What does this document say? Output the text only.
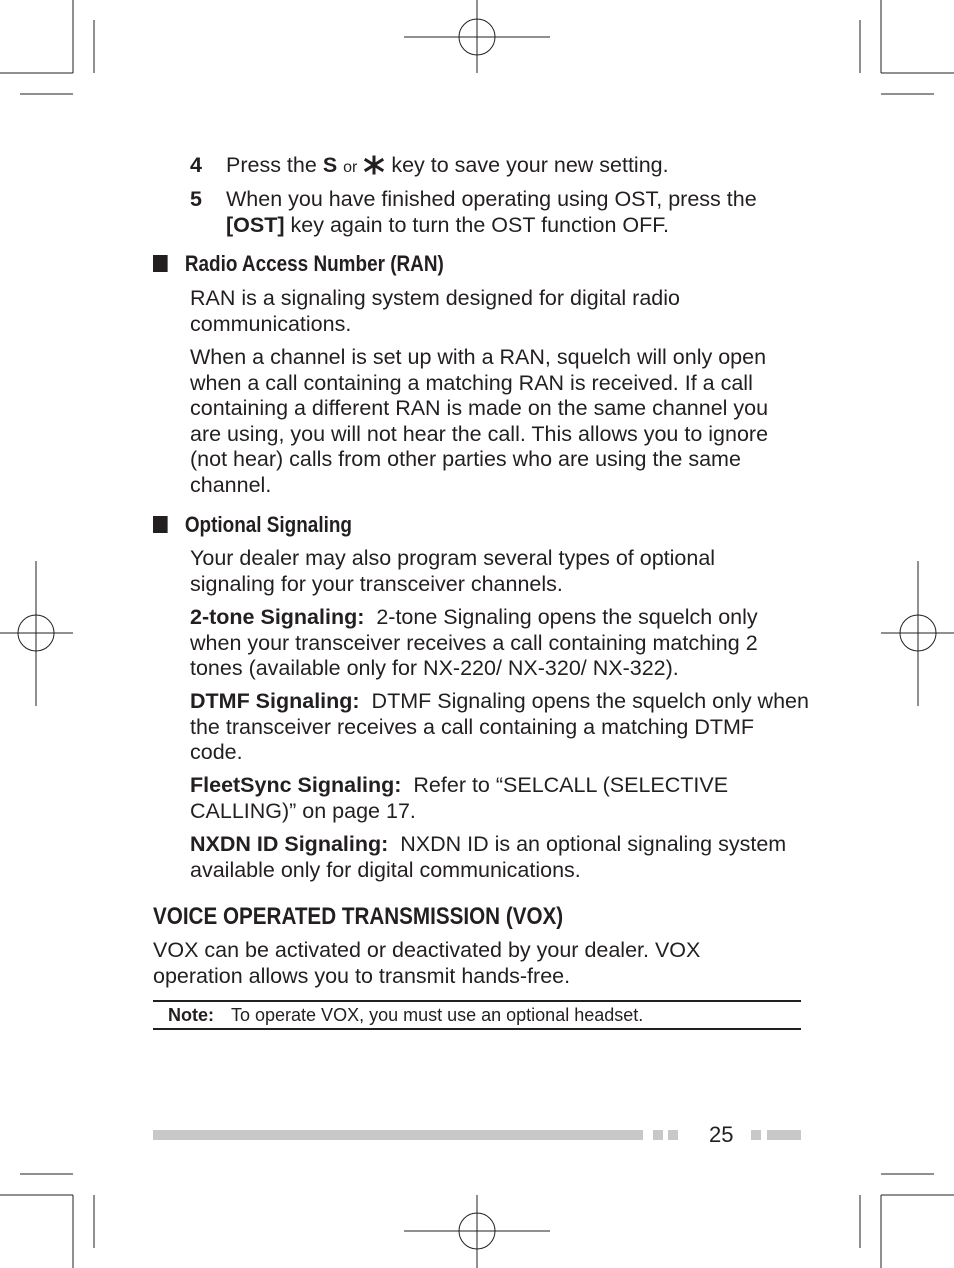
4 Press the S or key to save your new setting.
5 When you have finished operating using OST, press the
[OST] key again to turn the OST function OFF.
Radio Access Number (RAN)
RAN is a signaling system designed for digital radio communications.
When a channel is set up with a RAN, squelch will only open when a call containing a matching RAN is received. If a call containing a different RAN is made on the same channel you are using, you will not hear the call. This allows you to ignore (not hear) calls from other parties who are using the same channel.
Optional Signaling
Your dealer may also program several types of optional signaling for your transceiver channels.
2-tone Signaling: 2-tone Signaling opens the squelch only when your transceiver receives a call containing matching 2 tones (available only for NX-220/ NX-320/ NX-322).
DTMF Signaling: DTMF Signaling opens the squelch only when the transceiver receives a call containing a matching DTMF code.
FleetSync Signaling: Refer to “SELCALL (SELECTIVE CALLING)” on page 17.
NXDN ID Signaling: NXDN ID is an optional signaling system available only for digital communications.
VOICE OPERATED TRANSMISSION (VOX)
VOX can be activated or deactivated by your dealer. VOX operation allows you to transmit hands-free.
Note: To operate VOX, you must use an optional headset.
25
